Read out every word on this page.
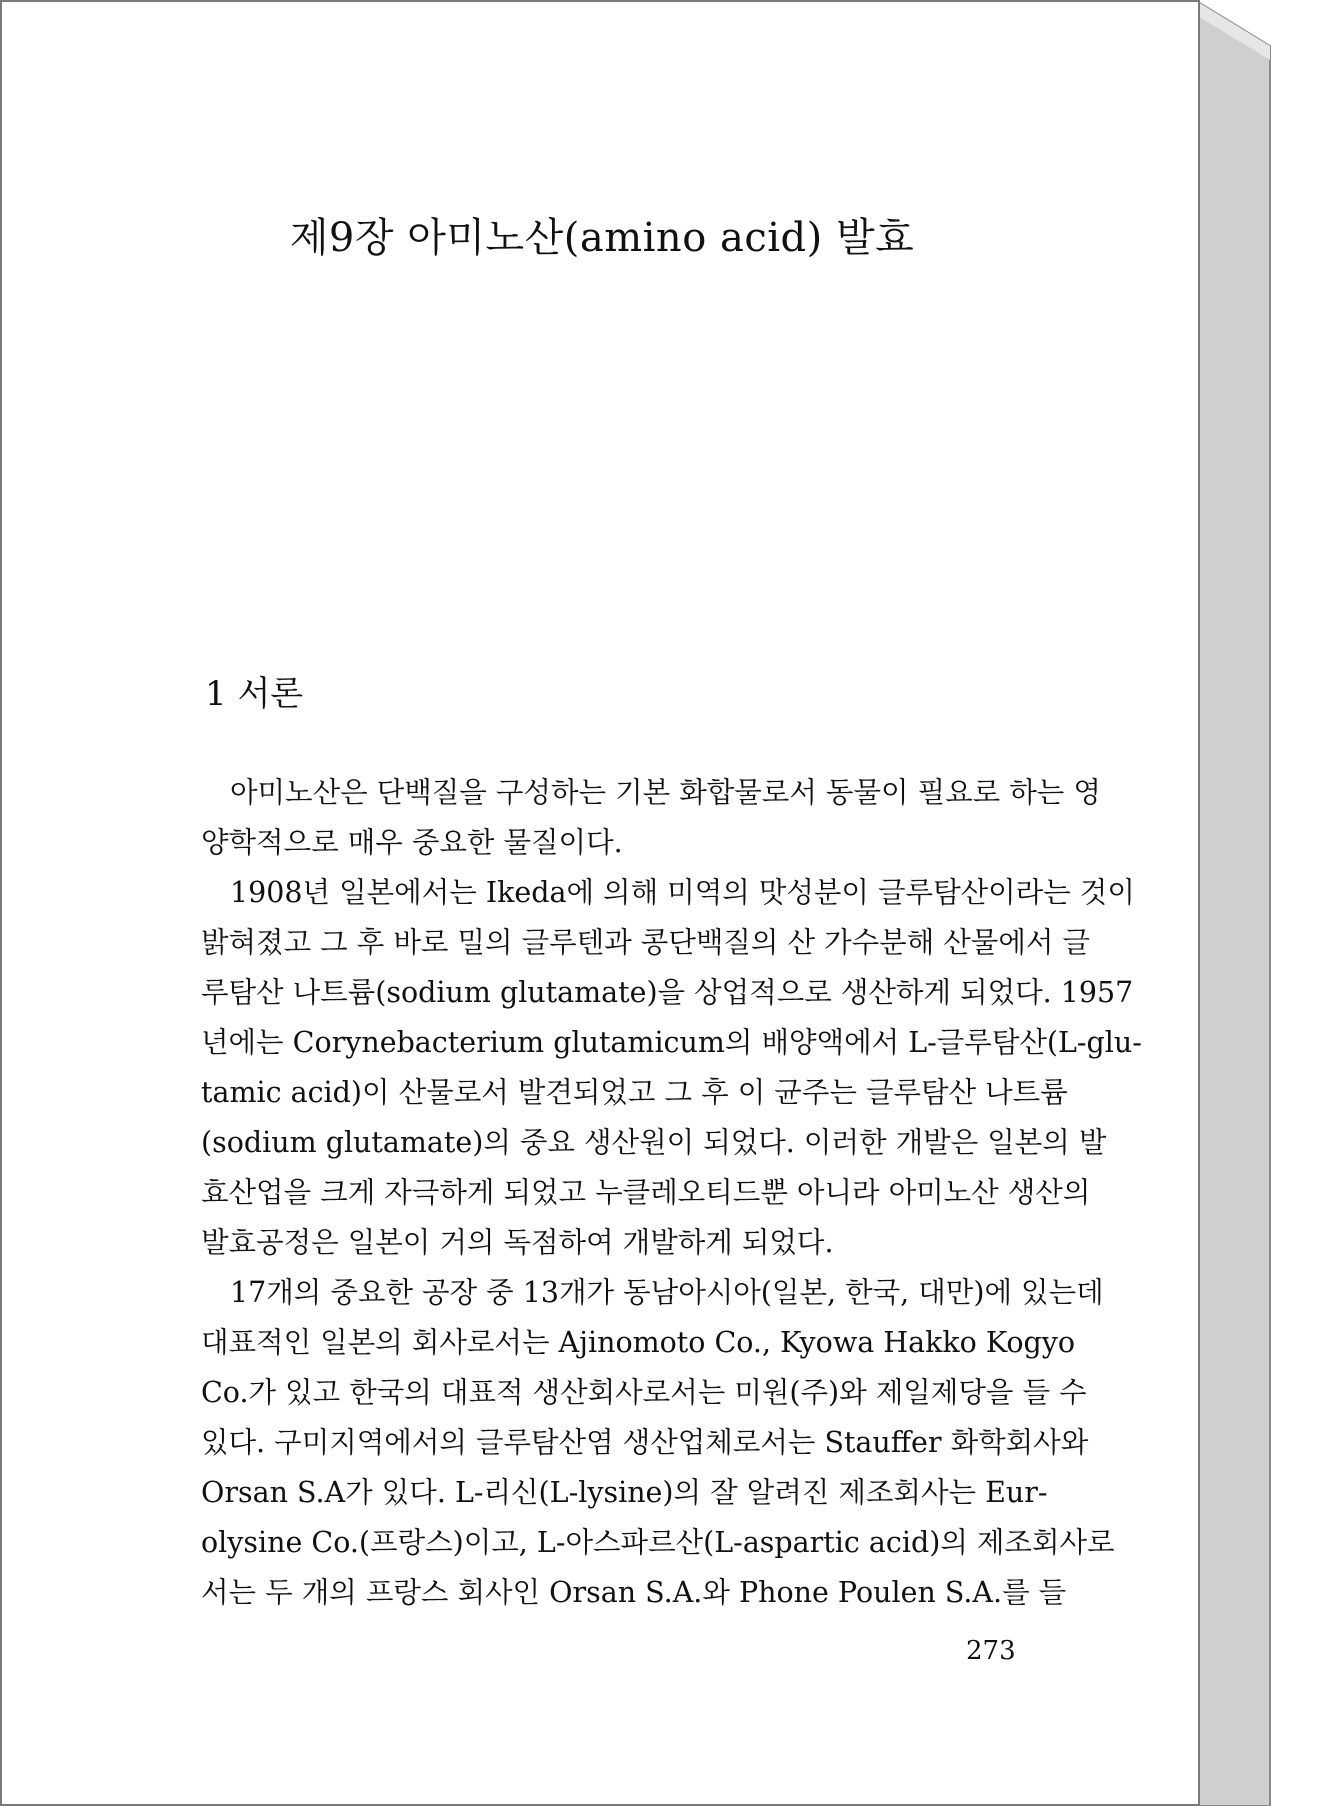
제9장 아미노산(amino acid) 발효
1 서론

아미노산은 단백질을 구성하는 기본 화합물로서 동물이 필요로 하는 영
양학적으로 매우 중요한 물질이다.

1908년 일본에서는 Ikeda에 의해 미역의 맛성분이 글루탐산이라는 것이
밝혀졌고 그 후 바로 밀의 글루텐과 콩단백질의 산 가수분해 산물에서 글
루탐산 나트륨(sodium glutamate)을 상업적으로 생산하게 되었다. 1957
년에는 Corynebacterium glutamicum의 배양액에서 L-글루탐산(L-glu-
tamic acid)이 산물로서 발견되었고 그 후 이 균주는 글루탐산 나트륨
(sodium glutamate)의 중요 생산원이 되었다. 이러한 개발은 일본의 발
효산업을 크게 자극하게 되었고 누클레오티드뿐 아니라 아미노산 생산의
발효공정은 일본이 거의 독점하여 개발하게 되었다.

17개의 중요한 공장 중 13개가 동남아시아(일본, 한국, 대만)에 있는데
대표적인 일본의 회사로서는 Ajinomoto Co., Kyowa Hakko Kogyo
Co.가 있고 한국의 대표적 생산회사로서는 미원(주)와 제일제당을 들 수
있다. 구미지역에서의 글루탐산염 생산업체로서는 Stauffer 화학회사와
Orsan S.A가 있다. L-리신(L-lysine)의 잘 알려진 제조회사는 Eur-
olysine Co.(프랑스)이고, L-아스파르산(L-aspartic acid)의 제조회사로
서는 두 개의 프랑스 회사인 Orsan S.A.와 Phone Poulen S.A.를 들

273
